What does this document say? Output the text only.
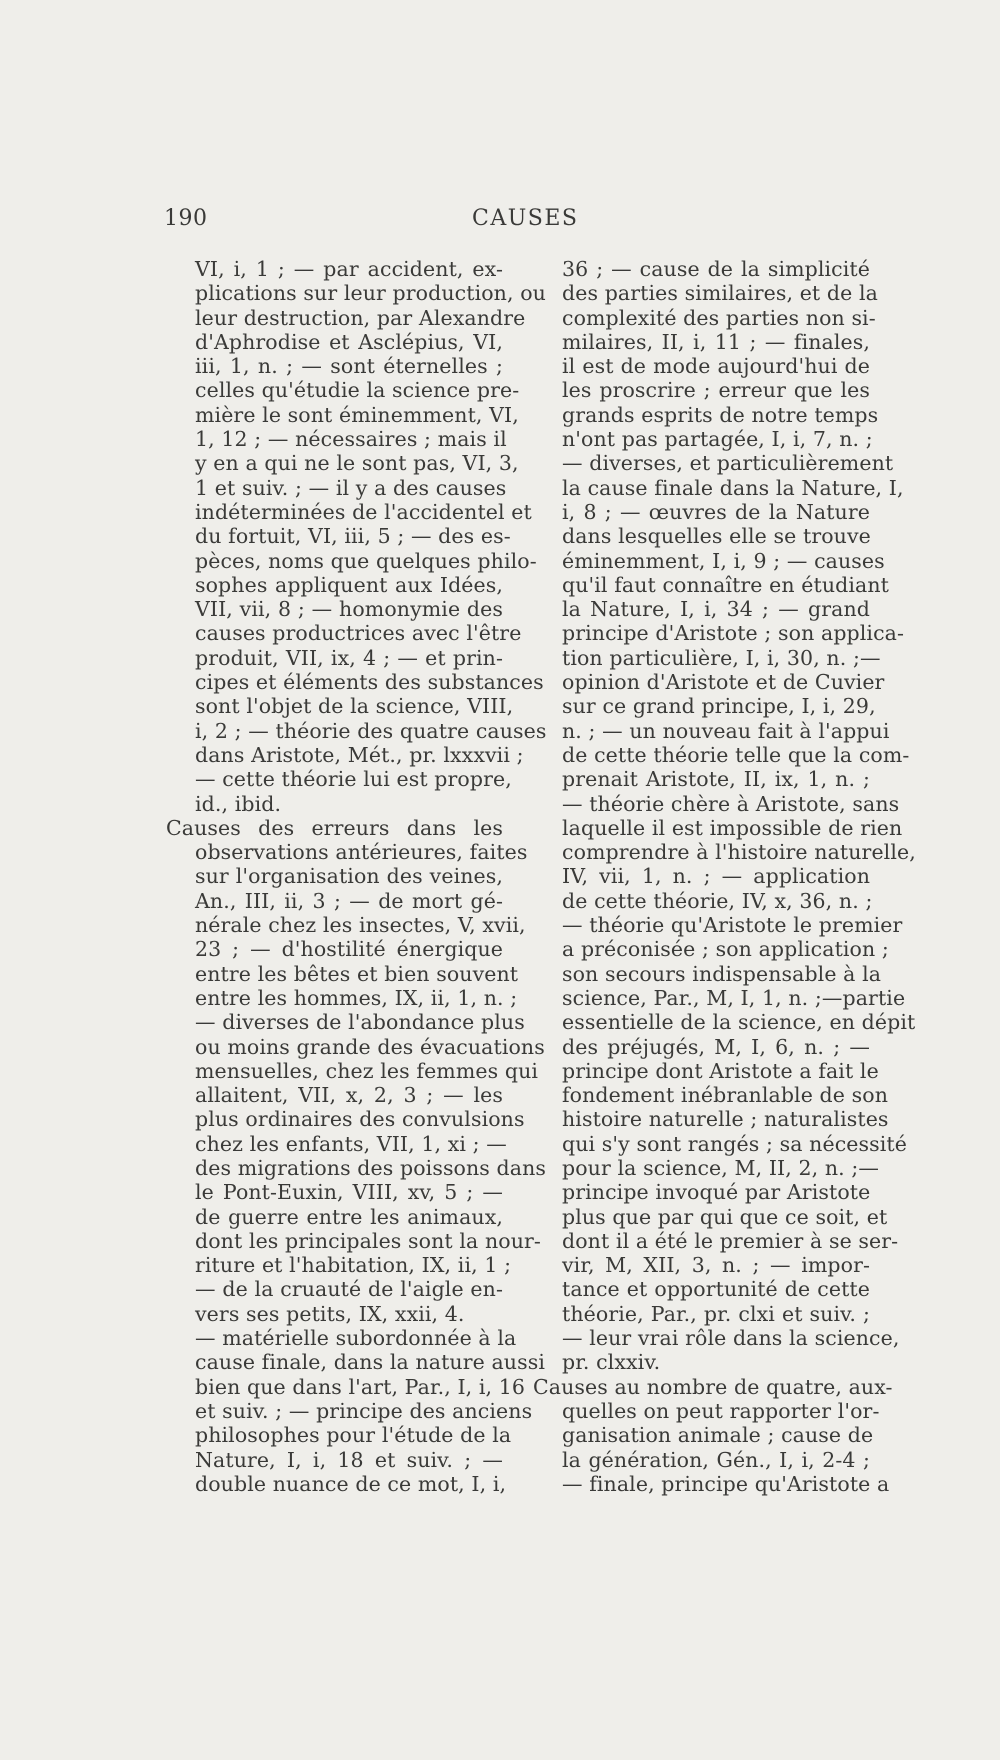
190	CAUSES
VI, i, 1 ; — par accident, ex-
plications sur leur production, ou
leur destruction, par Alexandre
d'Aphrodise et Asclépius, VI,
iii, 1, n. ; — sont éternelles ;
celles qu'étudie la science pre-
mière le sont éminemment, VI,
1, 12 ; — nécessaires ; mais il
y en a qui ne le sont pas, VI, 3,
1 et suiv. ; — il y a des causes
indéterminées de l'accidentel et
du fortuit, VI, iii, 5 ; — des es-
pèces, noms que quelques philo-
sophes appliquent aux Idées,
VII, vii, 8 ; — homonymie des
causes productrices avec l'être
produit, VII, ix, 4 ; — et prin-
cipes et éléments des substances
sont l'objet de la science, VIII,
i, 2 ; — théorie des quatre causes
dans Aristote, Mét., pr. lxxxvii ;
— cette théorie lui est propre,
id., ibid.
Causes des erreurs dans les
observations antérieures, faites
sur l'organisation des veines,
An., III, ii, 3 ; — de mort gé-
nérale chez les insectes, V, xvii,
23 ; — d'hostilité énergique
entre les bêtes et bien souvent
entre les hommes, IX, ii, 1, n. ;
— diverses de l'abondance plus
ou moins grande des évacuations
mensuelles, chez les femmes qui
allaitent, VII, x, 2, 3 ; — les
plus ordinaires des convulsions
chez les enfants, VII, 1, xi ; —
des migrations des poissons dans
le Pont-Euxin, VIII, xv, 5 ; —
de guerre entre les animaux,
dont les principales sont la nour-
riture et l'habitation, IX, ii, 1 ;
— de la cruauté de l'aigle en-
vers ses petits, IX, xxii, 4.
— matérielle subordonnée à la
cause finale, dans la nature aussi
bien que dans l'art, Par., I, i, 16
et suiv. ; — principe des anciens
philosophes pour l'étude de la
Nature, I, i, 18 et suiv. ; —
double nuance de ce mot, I, i,
36 ; — cause de la simplicité
des parties similaires, et de la
complexité des parties non si-
milaires, II, i, 11 ; — finales,
il est de mode aujourd'hui de
les proscrire ; erreur que les
grands esprits de notre temps
n'ont pas partagée, I, i, 7, n. ;
— diverses, et particulièrement
la cause finale dans la Nature, I,
i, 8 ; — œuvres de la Nature
dans lesquelles elle se trouve
éminemment, I, i, 9 ; — causes
qu'il faut connaître en étudiant
la Nature, I, i, 34 ; — grand
principe d'Aristote ; son applica-
tion particulière, I, i, 30, n. ;—
opinion d'Aristote et de Cuvier
sur ce grand principe, I, i, 29,
n. ; — un nouveau fait à l'appui
de cette théorie telle que la com-
prenait Aristote, II, ix, 1, n. ;
— théorie chère à Aristote, sans
laquelle il est impossible de rien
comprendre à l'histoire naturelle,
IV, vii, 1, n. ; — application
de cette théorie, IV, x, 36, n. ;
— théorie qu'Aristote le premier
a préconisée ; son application ;
son secours indispensable à la
science, Par., M, I, 1, n. ;—partie
essentielle de la science, en dépit
des préjugés, M, I, 6, n. ; —
principe dont Aristote a fait le
fondement inébranlable de son
histoire naturelle ; naturalistes
qui s'y sont rangés ; sa nécessité
pour la science, M, II, 2, n. ;—
principe invoqué par Aristote
plus que par qui que ce soit, et
dont il a été le premier à se ser-
vir, M, XII, 3, n. ; — impor-
tance et opportunité de cette
théorie, Par., pr. clxi et suiv. ;
— leur vrai rôle dans la science,
pr. clxxiv.
Causes au nombre de quatre, aux-
quelles on peut rapporter l'or-
ganisation animale ; cause de
la génération, Gén., I, i, 2-4 ;
— finale, principe qu'Aristote a
